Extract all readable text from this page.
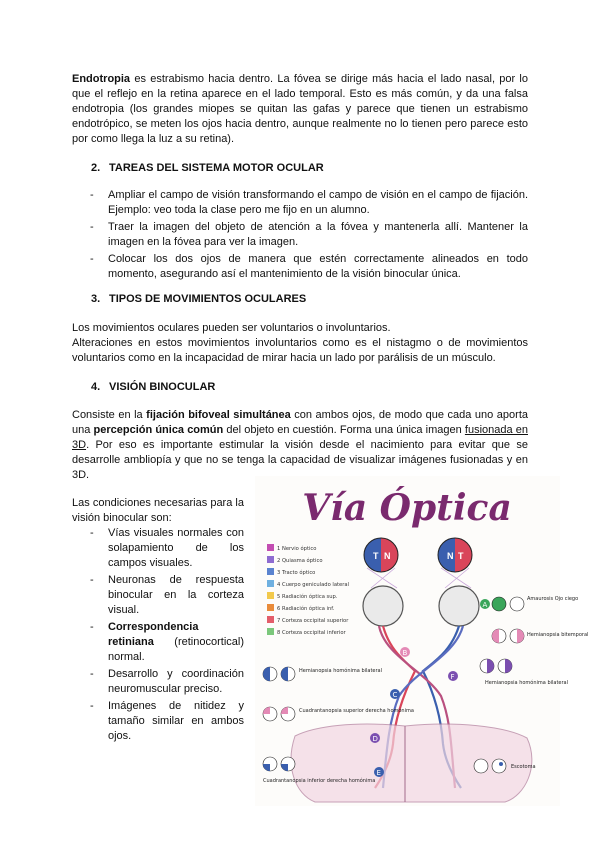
Endotropia es estrabismo hacia dentro. La fóvea se dirige más hacia el lado nasal, por lo que el reflejo en la retina aparece en el lado temporal. Esto es más común, y da una falsa endotropia (los grandes miopes se quitan las gafas y parece que tienen un estrabismo endotrópico, se meten los ojos hacia dentro, aunque realmente no lo tienen pero parece esto por como llega la luz a su retina).

2. TAREAS DEL SISTEMA MOTOR OCULAR

- Ampliar el campo de visión transformando el campo de visión en el campo de fijación. Ejemplo: veo toda la clase pero me fijo en un alumno.
- Traer la imagen del objeto de atención a la fóvea y mantenerla allí. Mantener la imagen en la fóvea para ver la imagen.
- Colocar los dos ojos de manera que estén correctamente alineados en todo momento, asegurando así el mantenimiento de la visión binocular única.

3. TIPOS DE MOVIMIENTOS OCULARES

Los movimientos oculares pueden ser voluntarios o involuntarios.

Alteraciones en estos movimientos involuntarios como es el nistagmo o de movimientos voluntarios como en la incapacidad de mirar hacia un lado por parálisis de un músculo.

4. VISIÓN BINOCULAR

Consiste en la fijación bifoveal simultánea con ambos ojos, de modo que cada uno aporta una percepción única común del objeto en cuestión. Forma una única imagen fusionada en 3D. Por eso es importante estimular la visión desde el nacimiento para evitar que se desarrolle ambliopía y que no se tenga la capacidad de visualizar imágenes fusionadas y en 3D.

Las condiciones necesarias para la visión binocular son:

- Vías visuales normales con solapamiento de los campos visuales.
- Neuronas de respuesta binocular en la corteza visual.
- Correspondencia retiniana (retinocortical) normal.
- Desarrollo y coordinación neuromuscular preciso.
- Imágenes de nitidez y tamaño similar en ambos ojos.
Vía Óptica
1 Nervio óptico
2 Quiasma óptico
3 Tracto óptico
4 Cuerpo geniculado lateral
5 Radiación óptica sup.
6 Radiación óptica inf.
7 Corteza occipital superior
8 Corteza occipital inferior
T N	N T
A
B
C
D
E
F
Amaurosis Ojo ciego
Hemianopsia bitemporal
Hemianopsia homónima bilateral
Hemianopsia homónima bilateral
Cuadrantanopsia superior derecha homónima
Cuadrantanopsia inferior derecha homónima
Escotoma
